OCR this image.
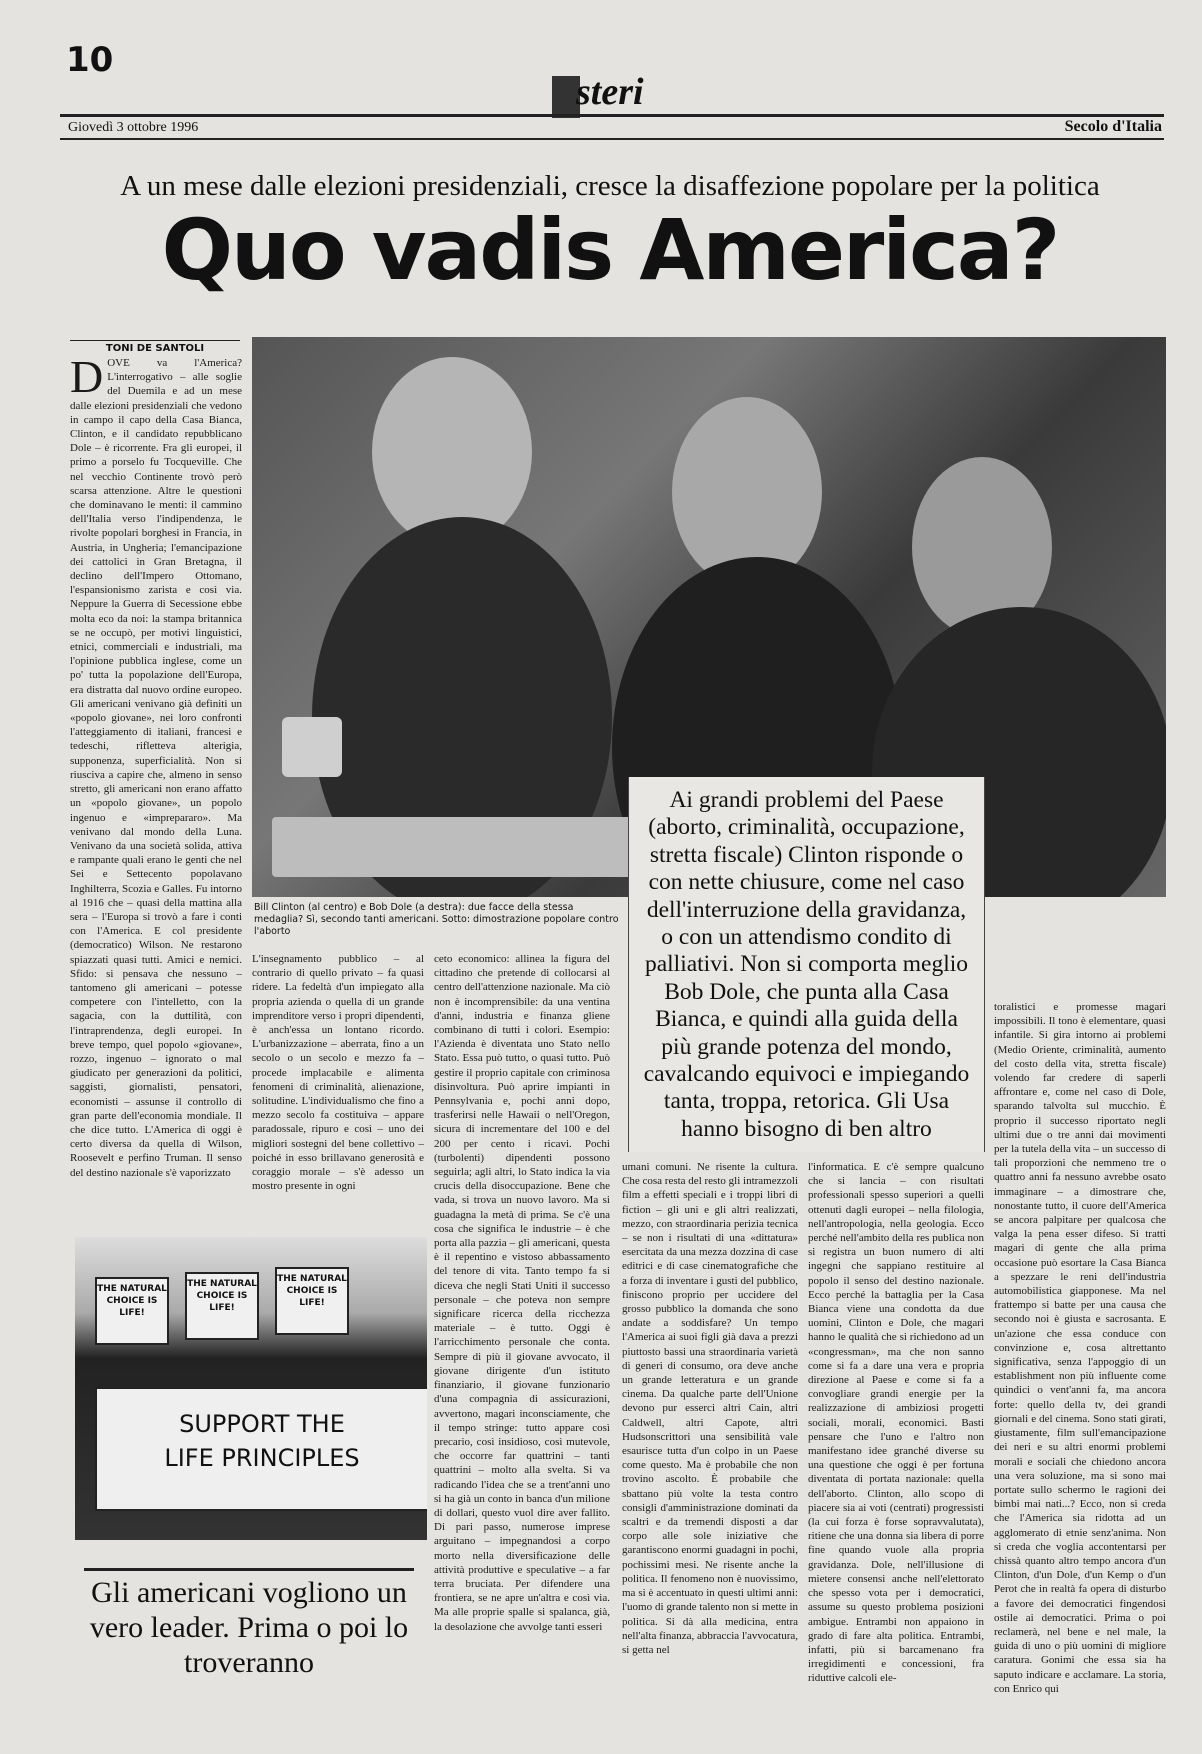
10
steri
Giovedì 3 ottobre 1996	Secolo d'Italia
A un mese dalle elezioni presidenziali, cresce la disaffezione popolare per la politica
Quo vadis America?
TONI DE SANTOLI
DOVE va l'America? L'interrogativo – alle soglie del Duemila e ad un mese dalle elezioni presidenziali che vedono in campo il capo della Casa Bianca, Clinton, e il candidato repubblicano Dole – è ricorrente. Fra gli europei, il primo a porselo fu Tocqueville. Che nel vecchio Continente trovò però scarsa attenzione. Altre le questioni che dominavano le menti: il cammino dell'Italia verso l'indipendenza, le rivolte popolari borghesi in Francia, in Austria, in Ungheria; l'emancipazione dei cattolici in Gran Bretagna, il declino dell'Impero Ottomano, l'espansionismo zarista e così via. Neppure la Guerra di Secessione ebbe molta eco da noi: la stampa britannica se ne occupò, per motivi linguistici, etnici, commerciali e industriali, ma l'opinione pubblica inglese, come un po' tutta la popolazione dell'Europa, era distratta dal nuovo ordine europeo. Gli americani venivano già definiti un «popolo giovane», nei loro confronti l'atteggiamento di italiani, francesi e tedeschi, rifletteva alterigia, supponenza, superficialità. Non si riusciva a capire che, almeno in senso stretto, gli americani non erano affatto un «popolo giovane», un popolo ingenuo e «imprepararo». Ma venivano dal mondo della Luna. Venivano da una società solida, attiva e rampante quali erano le genti che nel Sei e Settecento popolavano Inghilterra, Scozia e Galles. Fu intorno al 1916 che – quasi della mattina alla sera – l'Europa si trovò a fare i conti con l'America. E col presidente (democratico) Wilson. Ne restarono spiazzati quasi tutti. Amici e nemici. Sfido: si pensava che nessuno – tantomeno gli americani – potesse competere con l'intelletto, con la sagacia, con la duttilità, con l'intraprendenza, degli europei. In breve tempo, quel popolo «giovane», rozzo, ingenuo – ignorato o mal giudicato per generazioni da politici, saggisti, giornalisti, pensatori, economisti – assunse il controllo di gran parte dell'economia mondiale. Il che dice tutto. L'America di oggi è certo diversa da quella di Wilson, Roosevelt e perfino Truman. Il senso del destino nazionale s'è vaporizzato
Bill Clinton (al centro) e Bob Dole (a destra): due facce della stessa medaglia? Sì, secondo tanti americani. Sotto: dimostrazione popolare contro l'aborto
Ai grandi problemi del Paese (aborto, criminalità, occupazione, stretta fiscale) Clinton risponde o con nette chiusure, come nel caso dell'interruzione della gravidanza, o con un attendismo condito di palliativi. Non si comporta meglio Bob Dole, che punta alla Casa Bianca, e quindi alla guida della più grande potenza del mondo, cavalcando equivoci e impiegando tanta, troppa, retorica. Gli Usa hanno bisogno di ben altro
L'insegnamento pubblico – al contrario di quello privato – fa quasi ridere. La fedeltà d'un impiegato alla propria azienda o quella di un grande imprenditore verso i propri dipendenti, è anch'essa un lontano ricordo. L'urbanizzazione – aberrata, fino a un secolo o un secolo e mezzo fa – procede implacabile e alimenta fenomeni di criminalità, alienazione, solitudine. L'individualismo che fino a mezzo secolo fa costituiva – appare paradossale, ripuro e così – uno dei migliori sostegni del bene collettivo – poiché in esso brillavano generosità e coraggio morale – s'è adesso un mostro presente in ogni
ceto economico: allinea la figura del cittadino che pretende di collocarsi al centro dell'attenzione nazionale. Ma ciò non è incomprensibile: da una ventina d'anni, industria e finanza gliene combinano di tutti i colori. Esempio: l'Azienda è diventata uno Stato nello Stato. Essa può tutto, o quasi tutto. Può gestire il proprio capitale con criminosa disinvoltura. Può aprire impianti in Pennsylvania e, pochi anni dopo, trasferirsi nelle Hawaii o nell'Oregon, sicura di incrementare del 100 e del 200 per cento i ricavi. Pochi (turbolenti) dipendenti possono seguirla; agli altri, lo Stato indica la via crucis della disoccupazione. Bene che vada, si trova un nuovo lavoro. Ma si guadagna la metà di prima. Se c'è una cosa che significa le industrie – è che porta alla pazzia – gli americani, questa è il repentino e vistoso abbassamento del tenore di vita. Tanto tempo fa si diceva che negli Stati Uniti il successo personale – che poteva non sempre significare ricerca della ricchezza materiale – è tutto. Oggi è l'arricchimento personale che conta. Sempre di più il giovane avvocato, il giovane dirigente d'un istituto finanziario, il giovane funzionario d'una compagnia di assicurazioni, avvertono, magari inconsciamente, che il tempo stringe: tutto appare così precario, così insidioso, così mutevole, che occorre far quattrini – tanti quattrini – molto alla svelta. Si va radicando l'idea che se a trent'anni uno si ha già un conto in banca d'un milione di dollari, questo vuol dire aver fallito. Di pari passo, numerose imprese arguitano – impegnandosi a corpo morto nella diversificazione delle attività produttive e speculative – a far terra bruciata. Per difendere una frontiera, se ne apre un'altra e così via. Ma alle proprie spalle si spalanca, già, la desolazione che avvolge tanti esseri
umani comuni. Ne risente la cultura. Che cosa resta del resto gli intramezzoli film a effetti speciali e i troppi libri di fiction – gli uni e gli altri realizzati, mezzo, con straordinaria perizia tecnica – se non i risultati di una «dittatura» esercitata da una mezza dozzina di case editrici e di case cinematografiche che a forza di inventare i gusti del pubblico, finiscono proprio per uccidere del grosso pubblico la domanda che sono andate a soddisfare? Un tempo l'America ai suoi figli già dava a prezzi piuttosto bassi una straordinaria varietà di generi di consumo, ora deve anche un grande letteratura e un grande cinema. Da qualche parte dell'Unione devono pur esserci altri Cain, altri Caldwell, altri Capote, altri Hudsonscrittori una sensibilità vale esaurisce tutta d'un colpo in un Paese come questo. Ma è probabile che non trovino ascolto. È probabile che sbattano più volte la testa contro consigli d'amministrazione dominati da scaltri e da tremendi disposti a dar corpo alle sole iniziative che garantiscono enormi guadagni in pochi, pochissimi mesi. Ne risente anche la politica. Il fenomeno non è nuovissimo, ma si è accentuato in questi ultimi anni: l'uomo di grande talento non si mette in politica. Si dà alla medicina, entra nell'alta finanza, abbraccia l'avvocatura, si getta nel
l'informatica. E c'è sempre qualcuno che si lancia – con risultati professionali spesso superiori a quelli ottenuti dagli europei – nella filologia, nell'antropologia, nella geologia. Ecco perché nell'ambito della res publica non si registra un buon numero di alti ingegni che sappiano restituire al popolo il senso del destino nazionale. Ecco perché la battaglia per la Casa Bianca viene una condotta da due uomini, Clinton e Dole, che magari hanno le qualità che si richiedono ad un «congressman», ma che non sanno come si fa a dare una vera e propria direzione al Paese e come si fa a convogliare grandi energie per la realizzazione di ambiziosi progetti sociali, morali, economici. Basti pensare che l'uno e l'altro non manifestano idee granché diverse su una questione che oggi è per fortuna diventata di portata nazionale: quella dell'aborto. Clinton, allo scopo di piacere sia ai voti (centrati) progressisti (la cui forza è forse sopravvalutata), ritiene che una donna sia libera di porre fine quando vuole alla propria gravidanza. Dole, nell'illusione di mietere consensi anche nell'elettorato che spesso vota per i democratici, assume su questo problema posizioni ambigue. Entrambi non appaiono in grado di fare alta politica. Entrambi, infatti, più si barcamenano fra irregidimenti e concessioni, fra riduttive calcoli ele-
toralistici e promesse magari impossibili. Il tono è elementare, quasi infantile. Si gira intorno ai problemi (Medio Oriente, criminalità, aumento del costo della vita, stretta fiscale) volendo far credere di saperli affrontare e, come nel caso di Dole, sparando talvolta sul mucchio. È proprio il successo riportato negli ultimi due o tre anni dai movimenti per la tutela della vita – un successo di tali proporzioni che nemmeno tre o quattro anni fa nessuno avrebbe osato immaginare – a dimostrare che, nonostante tutto, il cuore dell'America se ancora palpitare per qualcosa che valga la pena esser difeso. Si tratti magari di gente che alla prima occasione può esortare la Casa Bianca a spezzare le reni dell'industria automobilistica giapponese. Ma nel frattempo si batte per una causa che secondo noi è giusta e sacrosanta. E un'azione che essa conduce con convinzione e, cosa altrettanto significativa, senza l'appoggio di un establishment non più influente come quindici o vent'anni fa, ma ancora forte: quello della tv, dei grandi giornali e del cinema. Sono stati girati, giustamente, film sull'emancipazione dei neri e su altri enormi problemi morali e sociali che chiedono ancora una vera soluzione, ma si sono mai portate sullo schermo le ragioni dei bimbi mai nati...? Ecco, non si creda che l'America sia ridotta ad un agglomerato di etnie senz'anima. Non si creda che voglia accontentarsi per chissà quanto altro tempo ancora d'un Clinton, d'un Dole, d'un Kemp o d'un Perot che in realtà fa opera di disturbo a favore dei democratici fingendosi ostile ai democratici. Prima o poi reclamerà, nel bene e nel male, la guida di uno o più uomini di migliore caratura. Gonimi che essa sia ha saputo indicare e acclamare. La storia, con Enrico qui
THE NATURAL CHOICE IS LIFE!
THE NATURAL CHOICE IS LIFE!
THE NATURAL CHOICE IS LIFE!
SUPPORT THE
LIFE PRINCIPLES
Gli americani vogliono un vero leader. Prima o poi lo troveranno
